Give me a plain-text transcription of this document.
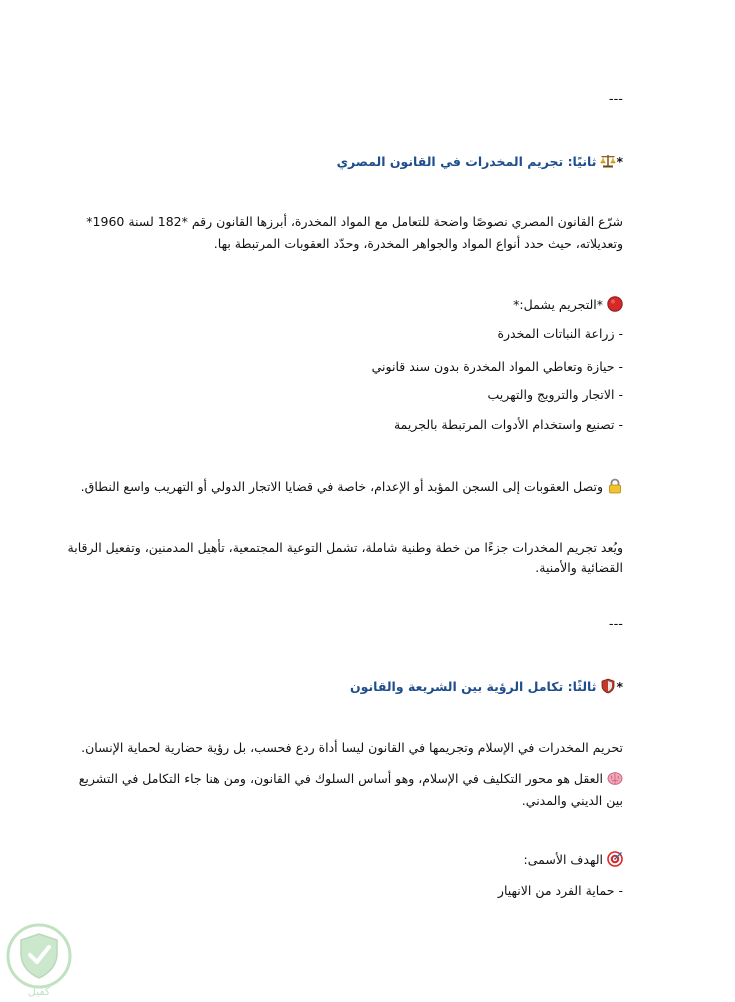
---
*ثانيًا: تجريم المخدرات في القانون المصري
شرّع القانون المصري نصوصًا واضحة للتعامل مع المواد المخدرة، أبرزها القانون رقم *182 لسنة 1960*
وتعديلاته، حيث حدد أنواع المواد والجواهر المخدرة، وحدّد العقوبات المرتبطة بها.
*التجريم يشمل:*
- زراعة النباتات المخدرة
- حيازة وتعاطي المواد المخدرة بدون سند قانوني
- الاتجار والترويج والتهريب
- تصنيع واستخدام الأدوات المرتبطة بالجريمة
وتصل العقوبات إلى السجن المؤبد أو الإعدام، خاصة في قضايا الاتجار الدولي أو التهريب واسع النطاق.
ويُعد تجريم المخدرات جزءًا من خطة وطنية شاملة، تشمل التوعية المجتمعية، تأهيل المدمنين، وتفعيل الرقابة
القضائية والأمنية.
---
*ثالثًا: تكامل الرؤية بين الشريعة والقانون
تحريم المخدرات في الإسلام وتجريمها في القانون ليسا أداة ردع فحسب، بل رؤية حضارية لحماية الإنسان.
العقل هو محور التكليف في الإسلام، وهو أساس السلوك في القانون، ومن هنا جاء التكامل في التشريع
بين الديني والمدني.
الهدف الأسمى:
- حماية الفرد من الانهيار
كفيل
